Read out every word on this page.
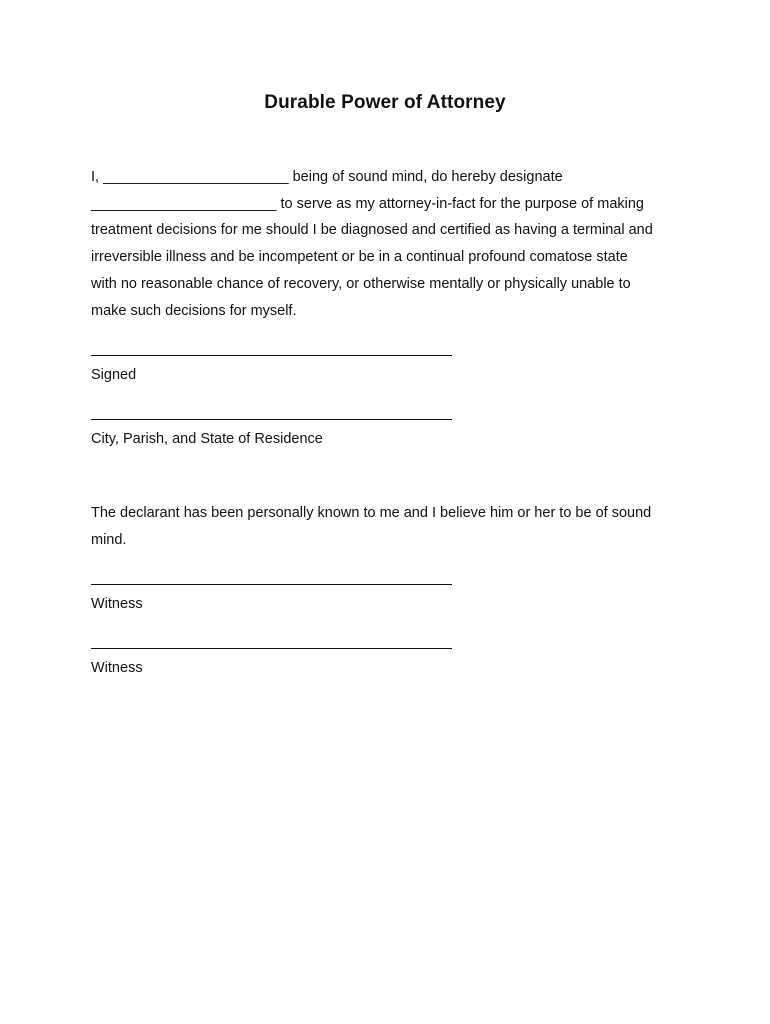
Durable Power of Attorney
I, _______________________ being of sound mind, do hereby designate
_______________________ to serve as my attorney-in-fact for the purpose of making
treatment decisions for me should I be diagnosed and certified as having a terminal and
irreversible illness and be incompetent or be in a continual profound comatose state
with no reasonable chance of recovery, or otherwise mentally or physically unable to
make such decisions for myself.
Signed
City, Parish, and State of Residence
The declarant has been personally known to me and I believe him or her to be of sound
mind.
Witness
Witness
